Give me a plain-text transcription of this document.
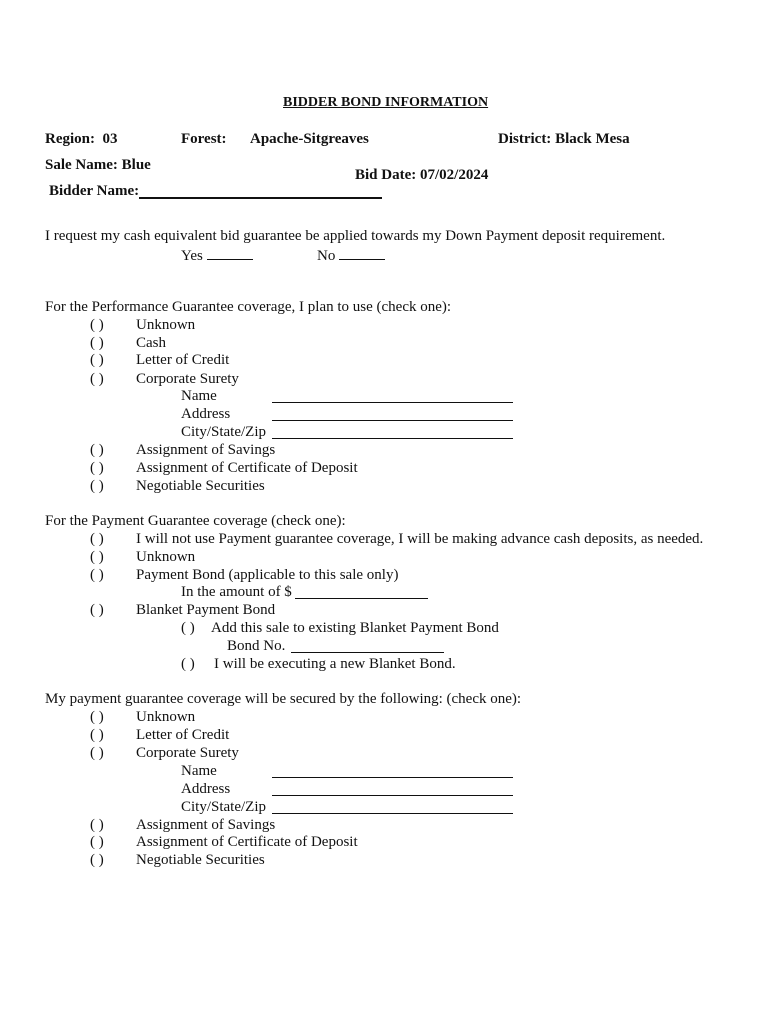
BIDDER BOND INFORMATION
Region: 03	Forest: Apache-Sitgreaves	District: Black Mesa
Sale Name: Blue
Bid Date: 07/02/2024
Bidder Name:
I request my cash equivalent bid guarantee be applied towards my Down Payment deposit requirement.
Yes	No
For the Performance Guarantee coverage, I plan to use (check one):
( ) Unknown
( ) Cash
( ) Letter of Credit
( ) Corporate Surety
Name
Address
City/State/Zip
( ) Assignment of Savings
( ) Assignment of Certificate of Deposit
( ) Negotiable Securities
For the Payment Guarantee coverage (check one):
( ) I will not use Payment guarantee coverage, I will be making advance cash deposits, as needed.
( ) Unknown
( ) Payment Bond (applicable to this sale only)
In the amount of $
( ) Blanket Payment Bond
( ) Add this sale to existing Blanket Payment Bond
Bond No.
( ) I will be executing a new Blanket Bond.
My payment guarantee coverage will be secured by the following: (check one):
( ) Unknown
( ) Letter of Credit
( ) Corporate Surety
Name
Address
City/State/Zip
( ) Assignment of Savings
( ) Assignment of Certificate of Deposit
( ) Negotiable Securities
